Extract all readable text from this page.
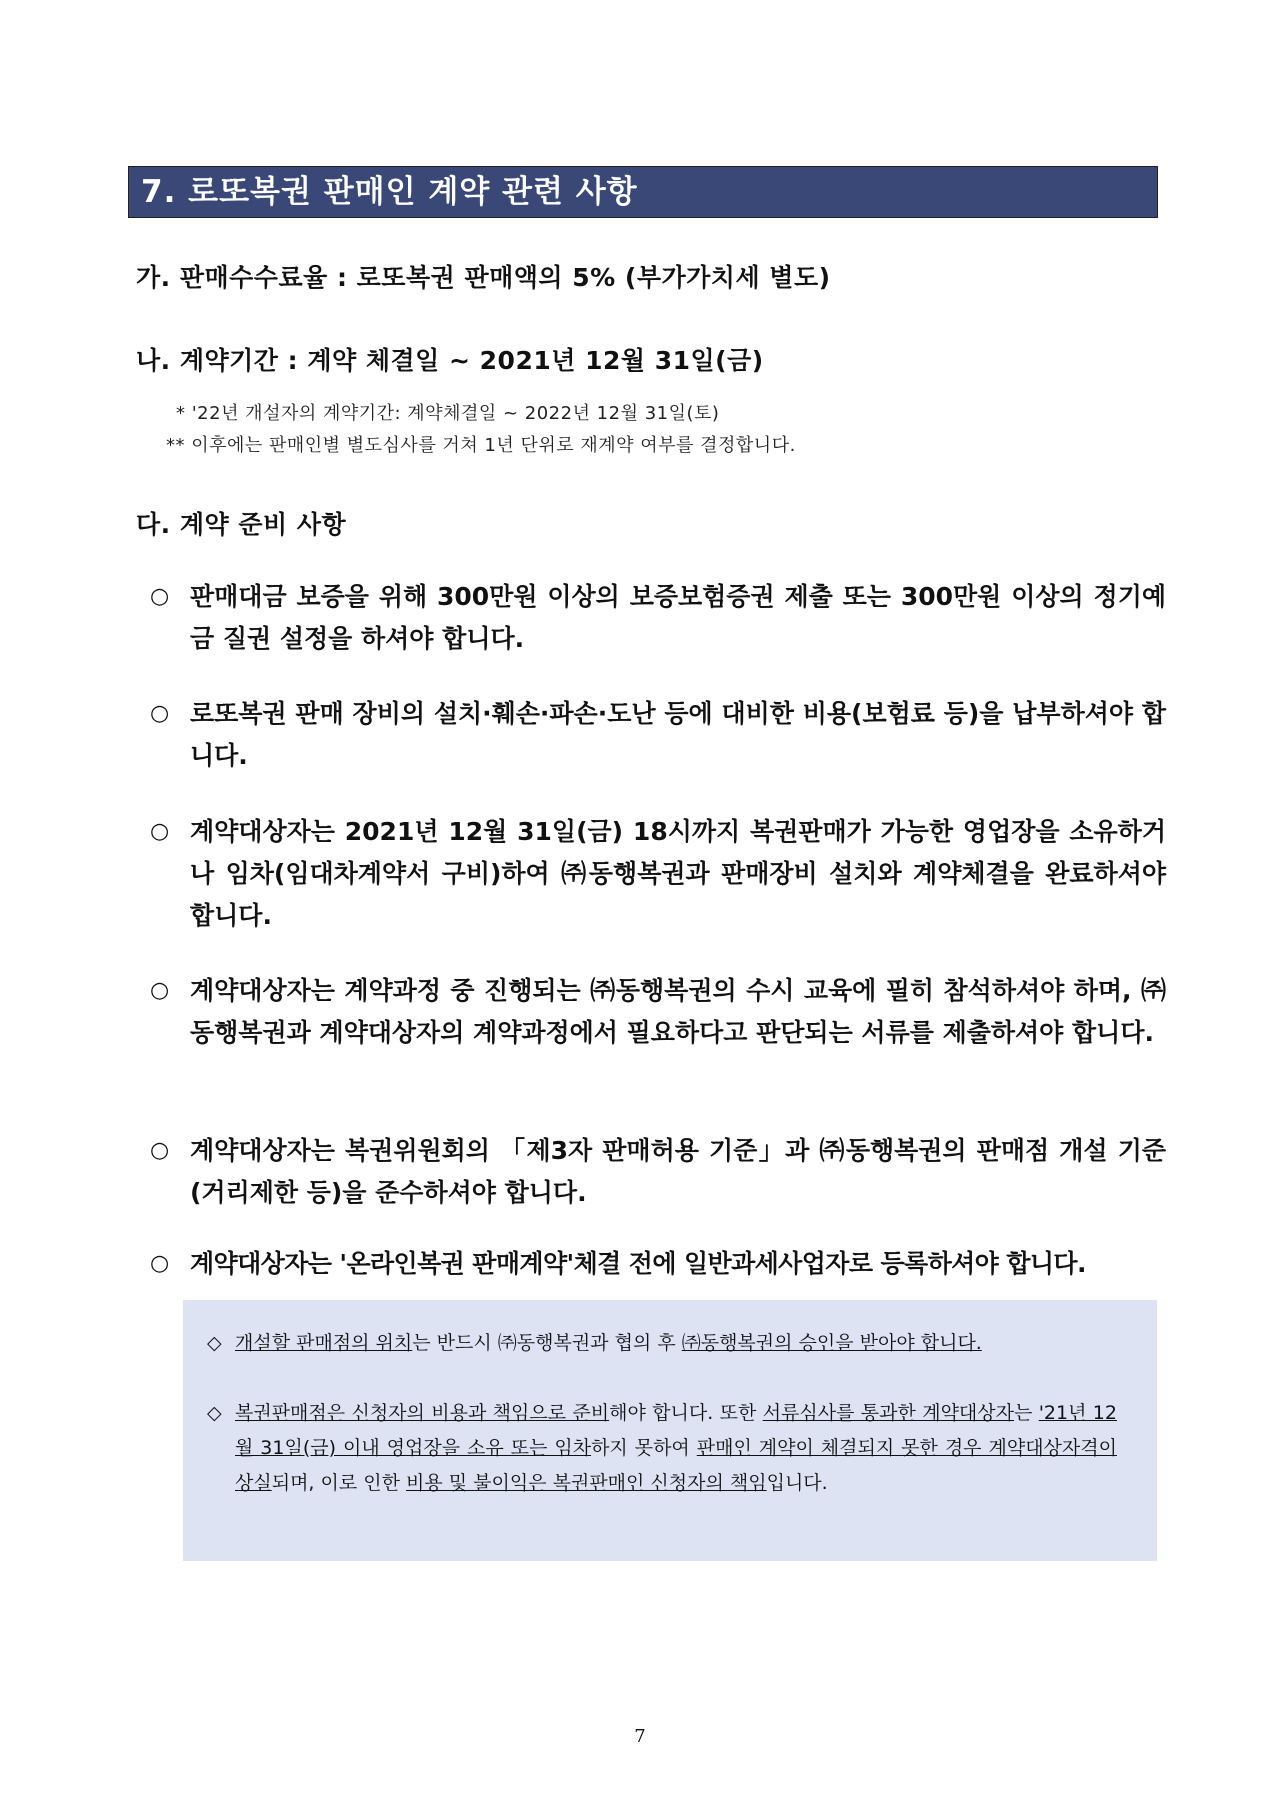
7. 로또복권 판매인 계약 관련 사항
가. 판매수수료율 : 로또복권 판매액의 5% (부가가치세 별도)
나. 계약기간 : 계약 체결일 ~ 2021년 12월 31일(금)
* '22년 개설자의 계약기간: 계약체결일 ~ 2022년 12월 31일(토)
** 이후에는 판매인별 별도심사를 거쳐 1년 단위로 재계약 여부를 결정합니다.
다. 계약 준비 사항
○ 판매대금 보증을 위해 300만원 이상의 보증보험증권 제출 또는 300만원 이상의 정기예금 질권 설정을 하셔야 합니다.
○ 로또복권 판매 장비의 설치·훼손·파손·도난 등에 대비한 비용(보험료 등)을 납부하셔야 합니다.
○ 계약대상자는 2021년 12월 31일(금) 18시까지 복권판매가 가능한 영업장을 소유하거나 임차(임대차계약서 구비)하여 ㈜동행복권과 판매장비 설치와 계약체결을 완료하셔야 합니다.
○ 계약대상자는 계약과정 중 진행되는 ㈜동행복권의 수시 교육에 필히 참석하셔야 하며, ㈜동행복권과 계약대상자의 계약과정에서 필요하다고 판단되는 서류를 제출하셔야 합니다.
○ 계약대상자는 복권위원회의 「제3자 판매허용 기준」과 ㈜동행복권의 판매점 개설 기준(거리제한 등)을 준수하셔야 합니다.
○ 계약대상자는 '온라인복권 판매계약'체결 전에 일반과세사업자로 등록하셔야 합니다.
◇ 개설할 판매점의 위치는 반드시 ㈜동행복권과 협의 후 ㈜동행복권의 승인을 받아야 합니다.
◇ 복권판매점은 신청자의 비용과 책임으로 준비해야 합니다. 또한 서류심사를 통과한 계약대상자는 '21년 12월 31일(금) 이내 영업장을 소유 또는 임차하지 못하여 판매인 계약이 체결되지 못한 경우 계약대상자격이 상실되며, 이로 인한 비용 및 불이익은 복권판매인 신청자의 책임입니다.
7
